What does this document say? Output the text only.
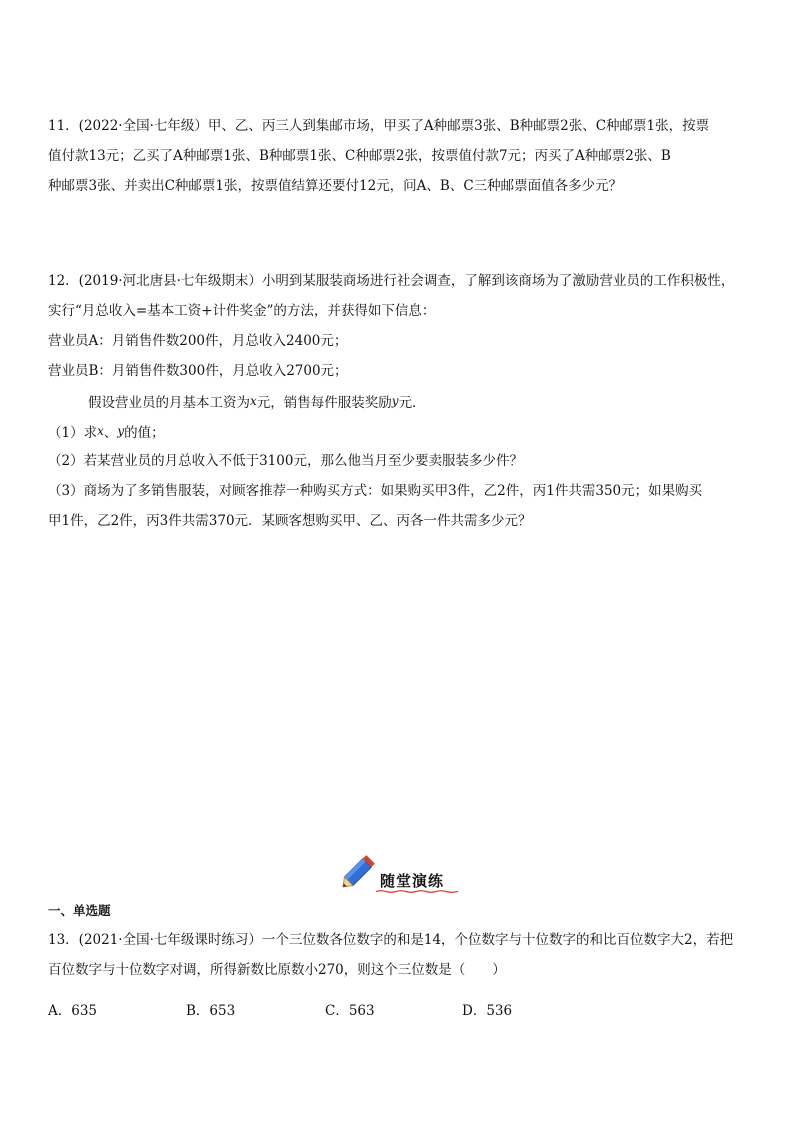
11．(2022·全国·七年级）甲、乙、丙三人到集邮市场，甲买了A种邮票3张、B种邮票2张、C种邮票1张，按票
值付款13元；乙买了A种邮票1张、B种邮票1张、C种邮票2张，按票值付款7元；丙买了A种邮票2张、B
种邮票3张、并卖出C种邮票1张，按票值结算还要付12元，问A、B、C三种邮票面值各多少元？
12．(2019·河北唐县·七年级期末）小明到某服装商场进行社会调查，了解到该商场为了激励营业员的工作积极性，
实行“月总收入=基本工资+计件奖金”的方法，并获得如下信息：
营业员A：月销售件数200件，月总收入2400元；
营业员B：月销售件数300件，月总收入2700元；
假设营业员的月基本工资为x元，销售每件服装奖励y元．
（1）求x、y的值；
（2）若某营业员的月总收入不低于3100元，那么他当月至少要卖服装多少件？
（3）商场为了多销售服装，对顾客推荐一种购买方式：如果购买甲3件，乙2件，丙1件共需350元；如果购买
甲1件，乙2件，丙3件共需370元．某顾客想购买甲、乙、丙各一件共需多少元？
随堂演练
一、单选题
13．(2021·全国·七年级课时练习）一个三位数各位数字的和是14，个位数字与十位数字的和比百位数字大2，若把
百位数字与十位数字对调，所得新数比原数小270，则这个三位数是（　　）
A．635	B．653	C．563	D．536
